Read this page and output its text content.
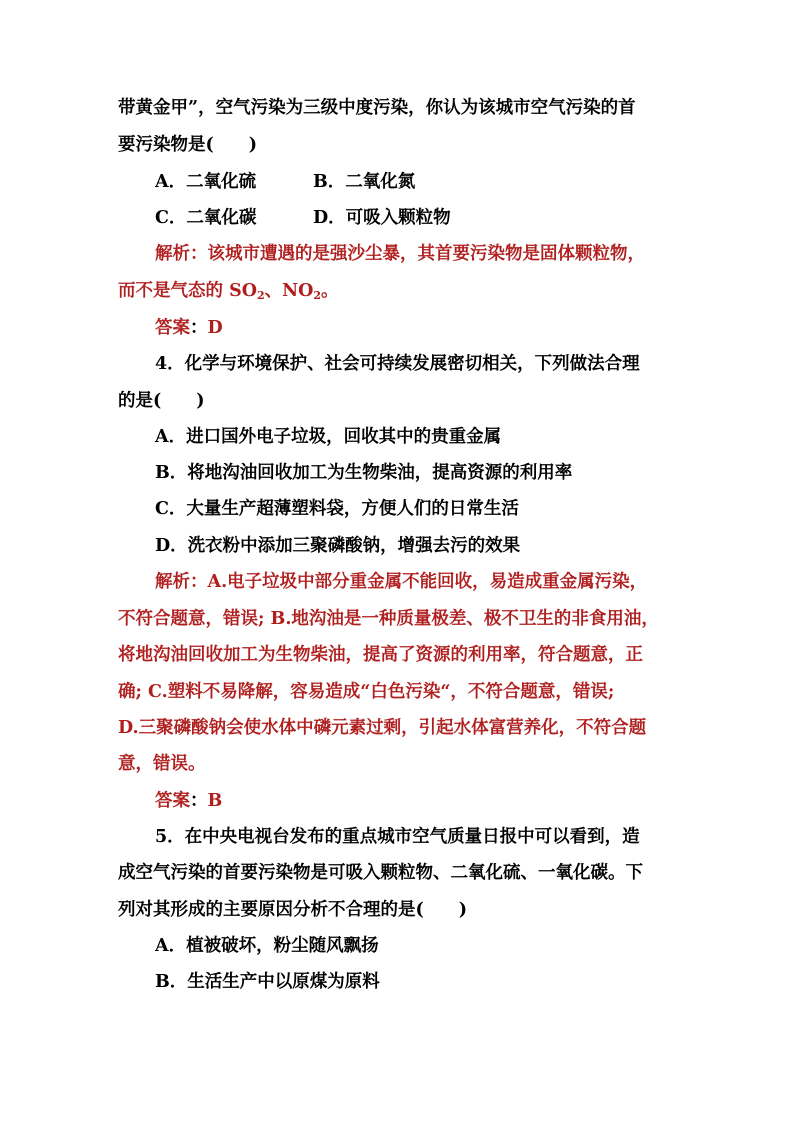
带黄金甲”，空气污染为三级中度污染，你认为该城市空气污染的首
要污染物是(　　)
A．二氧化硫	B．二氧化氮
C．二氧化碳	D．可吸入颗粒物
解析：该城市遭遇的是强沙尘暴，其首要污染物是固体颗粒物，
而不是气态的 $SO_2$、$NO_2$。
答案：D
4．化学与环境保护、社会可持续发展密切相关，下列做法合理
的是(　　)
A．进口国外电子垃圾，回收其中的贵重金属
B．将地沟油回收加工为生物柴油，提高资源的利用率
C．大量生产超薄塑料袋，方便人们的日常生活
D．洗衣粉中添加三聚磷酸钠，增强去污的效果
解析：A.电子垃圾中部分重金属不能回收，易造成重金属污染，
不符合题意，错误; B.地沟油是一种质量极差、极不卫生的非食用油，
将地沟油回收加工为生物柴油，提高了资源的利用率，符合题意，正
确; C.塑料不易降解，容易造成“白色污染“，不符合题意，错误;
D.三聚磷酸钠会使水体中磷元素过剩，引起水体富营养化，不符合题
意，错误。
答案：B
5．在中央电视台发布的重点城市空气质量日报中可以看到，造
成空气污染的首要污染物是可吸入颗粒物、二氧化硫、一氧化碳。下
列对其形成的主要原因分析不合理的是(　　)
A．植被破坏，粉尘随风飘扬
B．生活生产中以原煤为原料
